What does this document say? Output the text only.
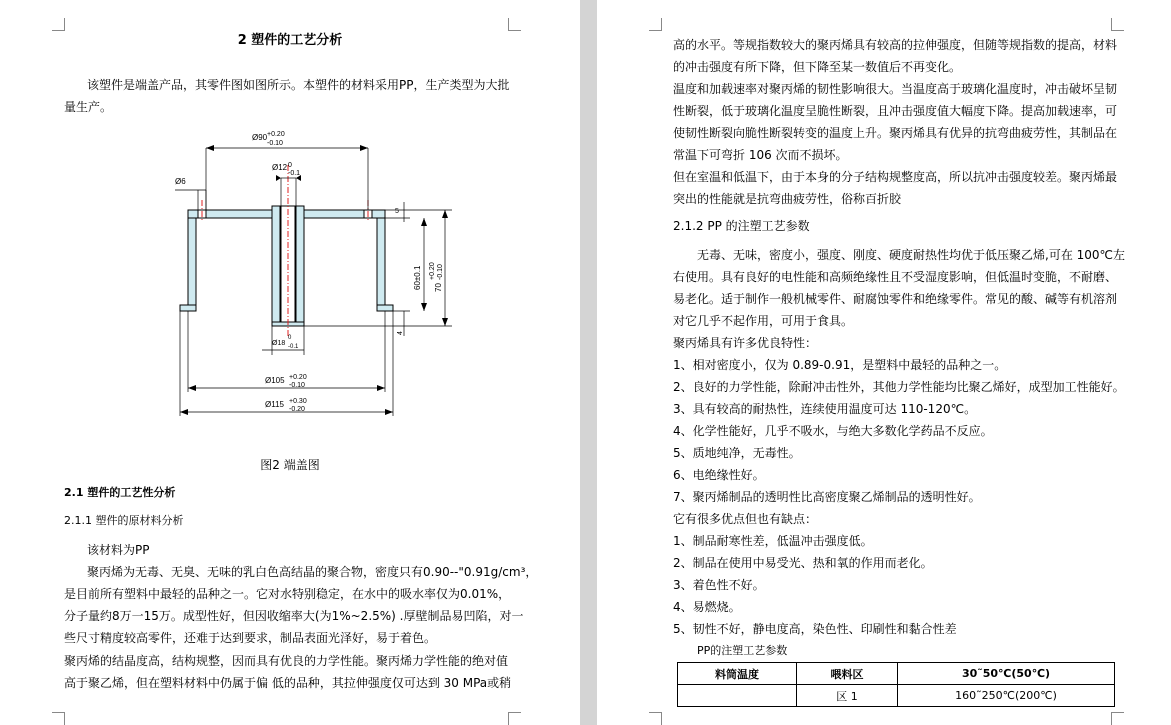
2 塑件的工艺分析
该塑件是端盖产品，其零件图如图所示。本塑件的材料采用PP，生产类型为大批
量生产。
Ø90 +0.20
-0.10
Ø12 0
-0.1
Ø6
Ø18
0
-0.1
Ø105 +0.20
-0.10
Ø115 +0.30
-0.20
5
60±0.1 70
+0.20 -0.10
4
图2 端盖图
2.1 塑件的工艺性分析
2.1.1 塑件的原材料分析
该材料为PP
聚丙烯为无毒、无臭、无味的乳白色高结晶的聚合物，密度只有0.90--"0.91g/cm³，
是目前所有塑料中最轻的品种之一。它对水特别稳定，在水中的吸水率仅为0.01%，
分子量约8万一15万。成型性好，但因收缩率大(为1%~2.5%) .厚壁制品易凹陷，对一
些尺寸精度较高零件，还难于达到要求，制品表面光泽好，易于着色。
聚丙烯的结晶度高，结构规整，因而具有优良的力学性能。聚丙烯力学性能的绝对值
高于聚乙烯，但在塑料材料中仍属于偏 低的品种，其拉伸强度仅可达到 30 MPa或稍
高的水平。等规指数较大的聚丙烯具有较高的拉伸强度，但随等规指数的提高，材料
的冲击强度有所下降，但下降至某一数值后不再变化。
温度和加载速率对聚丙烯的韧性影响很大。当温度高于玻璃化温度时，冲击破坏呈韧
性断裂，低于玻璃化温度呈脆性断裂，且冲击强度值大幅度下降。提高加载速率，可
使韧性断裂向脆性断裂转变的温度上升。聚丙烯具有优异的抗弯曲疲劳性，其制品在
常温下可弯折 106 次而不损坏。
但在室温和低温下，由于本身的分子结构规整度高，所以抗冲击强度较差。聚丙烯最
突出的性能就是抗弯曲疲劳性，俗称百折胶
2.1.2 PP 的注塑工艺参数
无毒、无味，密度小，强度、刚度、硬度耐热性均优于低压聚乙烯,可在 100℃左
右使用。具有良好的电性能和高频绝缘性且不受湿度影响，但低温时变脆，不耐磨、
易老化。适于制作一般机械零件、耐腐蚀零件和绝缘零件。常见的酸、碱等有机溶剂
对它几乎不起作用，可用于食具。
聚丙烯具有许多优良特性：
1、相对密度小，仅为 0.89-0.91，是塑料中最轻的品种之一。
2、良好的力学性能，除耐冲击性外，其他力学性能均比聚乙烯好，成型加工性能好。
3、具有较高的耐热性，连续使用温度可达 110-120℃。
4、化学性能好，几乎不吸水，与绝大多数化学药品不反应。
5、质地纯净，无毒性。
6、电绝缘性好。
7、聚丙烯制品的透明性比高密度聚乙烯制品的透明性好。
它有很多优点但也有缺点：
1、制品耐寒性差，低温冲击强度低。
2、制品在使用中易受光、热和氧的作用而老化。
3、着色性不好。
4、易燃烧。
5、韧性不好，静电度高，染色性、印刷性和黏合性差
PP的注塑工艺参数
料筒温度	喂料区	30˜50℃(50℃)
	区 1	160˜250℃(200℃)
